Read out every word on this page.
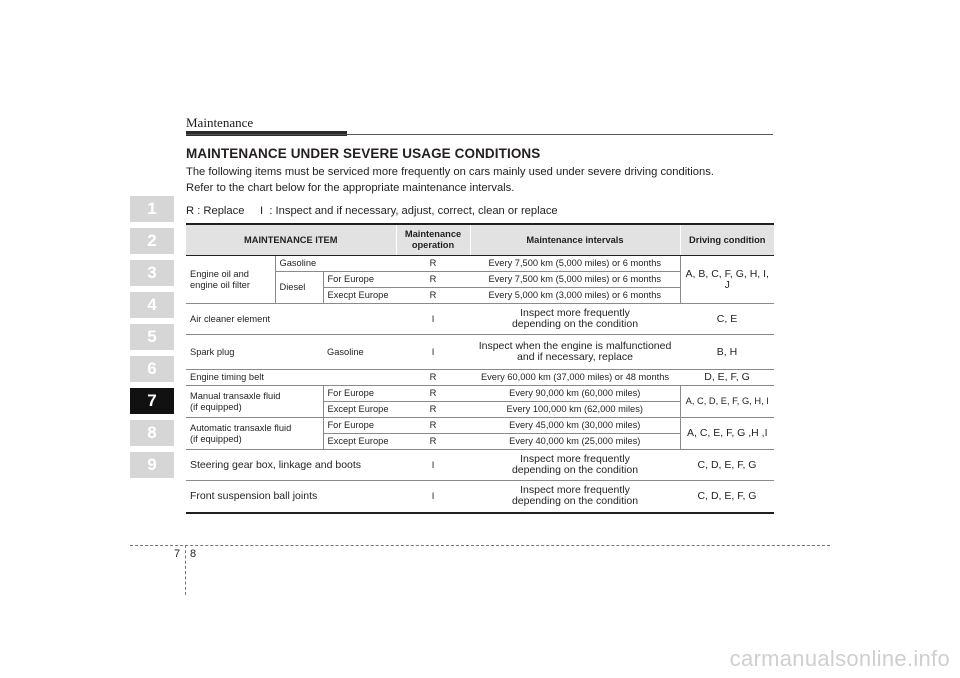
Maintenance
1
2
3
4
5
6
7
8
9
MAINTENANCE UNDER SEVERE USAGE CONDITIONS
The following items must be serviced more frequently on cars mainly used under severe driving conditions.
Refer to the chart below for the appropriate maintenance intervals.
R : Replace     I  : Inspect and if necessary, adjust, correct, clean or replace
MAINTENANCE ITEM			Maintenance
operation	Maintenance intervals	Driving condition

Engine oil and
engine oil filter	Gasoline		R	Every 7,500 km (5,000 miles) or 6 months	A, B, C, F, G, H, I, J
	Diesel	For Europe	R	Every 7,500 km (5,000 miles) or 6 months	
		Execpt Europe	R	Every 5,000 km (3,000 miles) or 6 months	
Air cleaner element			I	Inspect more frequently
depending on the condition	C, E
Spark plug		Gasoline	I	Inspect when the engine is malfunctioned
and if necessary, replace	B, H
Engine timing belt			R	Every 60,000 km (37,000 miles) or 48 months	D, E, F, G

Manual transaxle fluid
(if equipped)		For Europe	R	Every 90,000 km (60,000 miles)	A, C, D, E, F, G, H, I
		Except Europe	R	Every 100,000 km (62,000 miles)	

Automatic transaxle fluid
(if equipped)		For Europe	R	Every 45,000 km (30,000 miles)	A, C, E, F, G ,H ,I
		Except Europe	R	Every 40,000 km (25,000 miles)	
Steering gear box, linkage and boots			I	Inspect more frequently
depending on the condition	C, D, E, F, G
Front suspension ball joints			I	Inspect more frequently
depending on the condition	C, D, E, F, G
7 8
carmanualsonline.info
